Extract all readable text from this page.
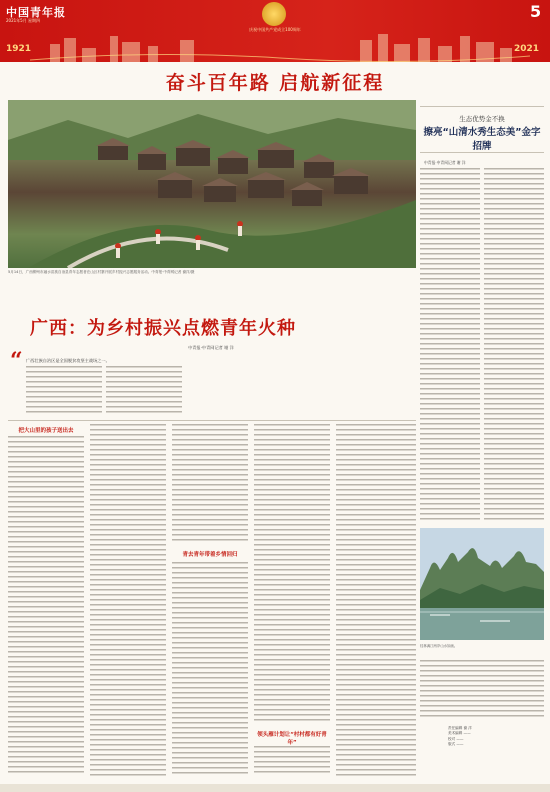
中国青年报
2021年5月 星期四
庆祝中国共产党成立100周年
5
1921	2021
奋斗百年路 启航新征程
5月14日，广西柳州市融水苗族自治县青年志愿者在山区村寨开展乡村振兴志愿服务活动。中青报·中青网记者 谢洋/摄
生态优势金不换
擦亮“山清水秀生态美”金字招牌
中青报·中青网记者 谢 洋
广西：为乡村振兴点燃青年火种
中青报·中青网记者 谢 洋
“ 广西壮族自治区是全国脱贫攻坚主战场之一。
把大山里的孩子送出去
青去青年带着乡情回归
领头雁计划让“村村都有好青年”
桂林漓江两岸山水如画。
责任编辑 谢 洋
美术编辑 ——
校对 ——
版式 ——
